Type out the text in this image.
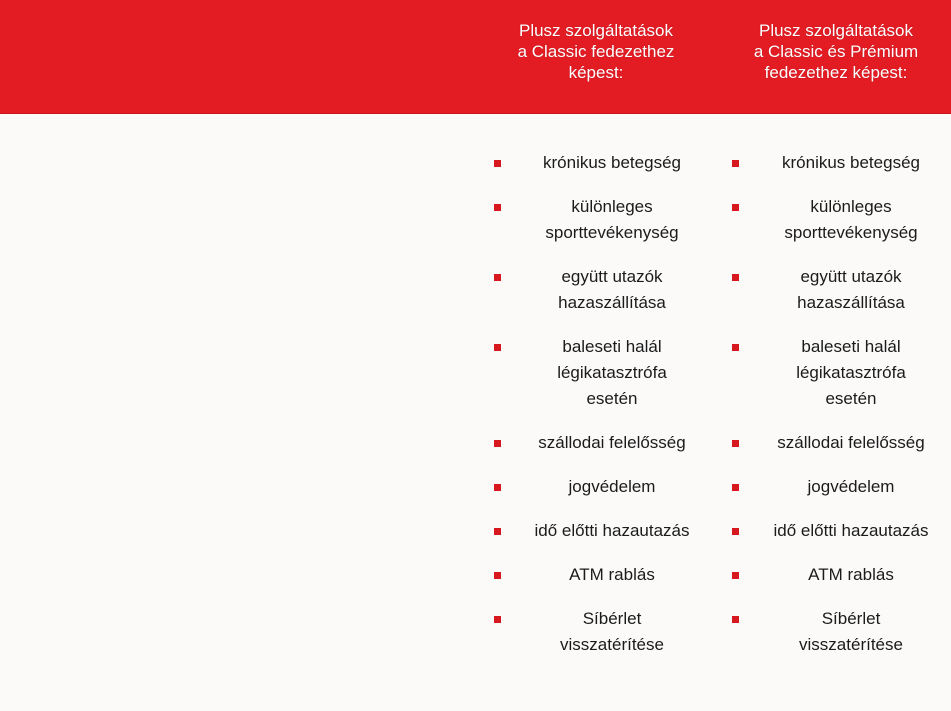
Plusz szolgáltatások
a Classic fedezethez
képest:
Plusz szolgáltatások
a Classic és Prémium
fedezethez képest:
krónikus betegség
különleges
sporttevékenység
együtt utazók
hazaszállítása
baleseti halál
légikatasztrófa
esetén
szállodai felelősség
jogvédelem
idő előtti hazautazás
ATM rablás
Síbérlet
visszatérítése
krónikus betegség
különleges
sporttevékenység
együtt utazók
hazaszállítása
baleseti halál
légikatasztrófa
esetén
szállodai felelősség
jogvédelem
idő előtti hazautazás
ATM rablás
Síbérlet
visszatérítése
